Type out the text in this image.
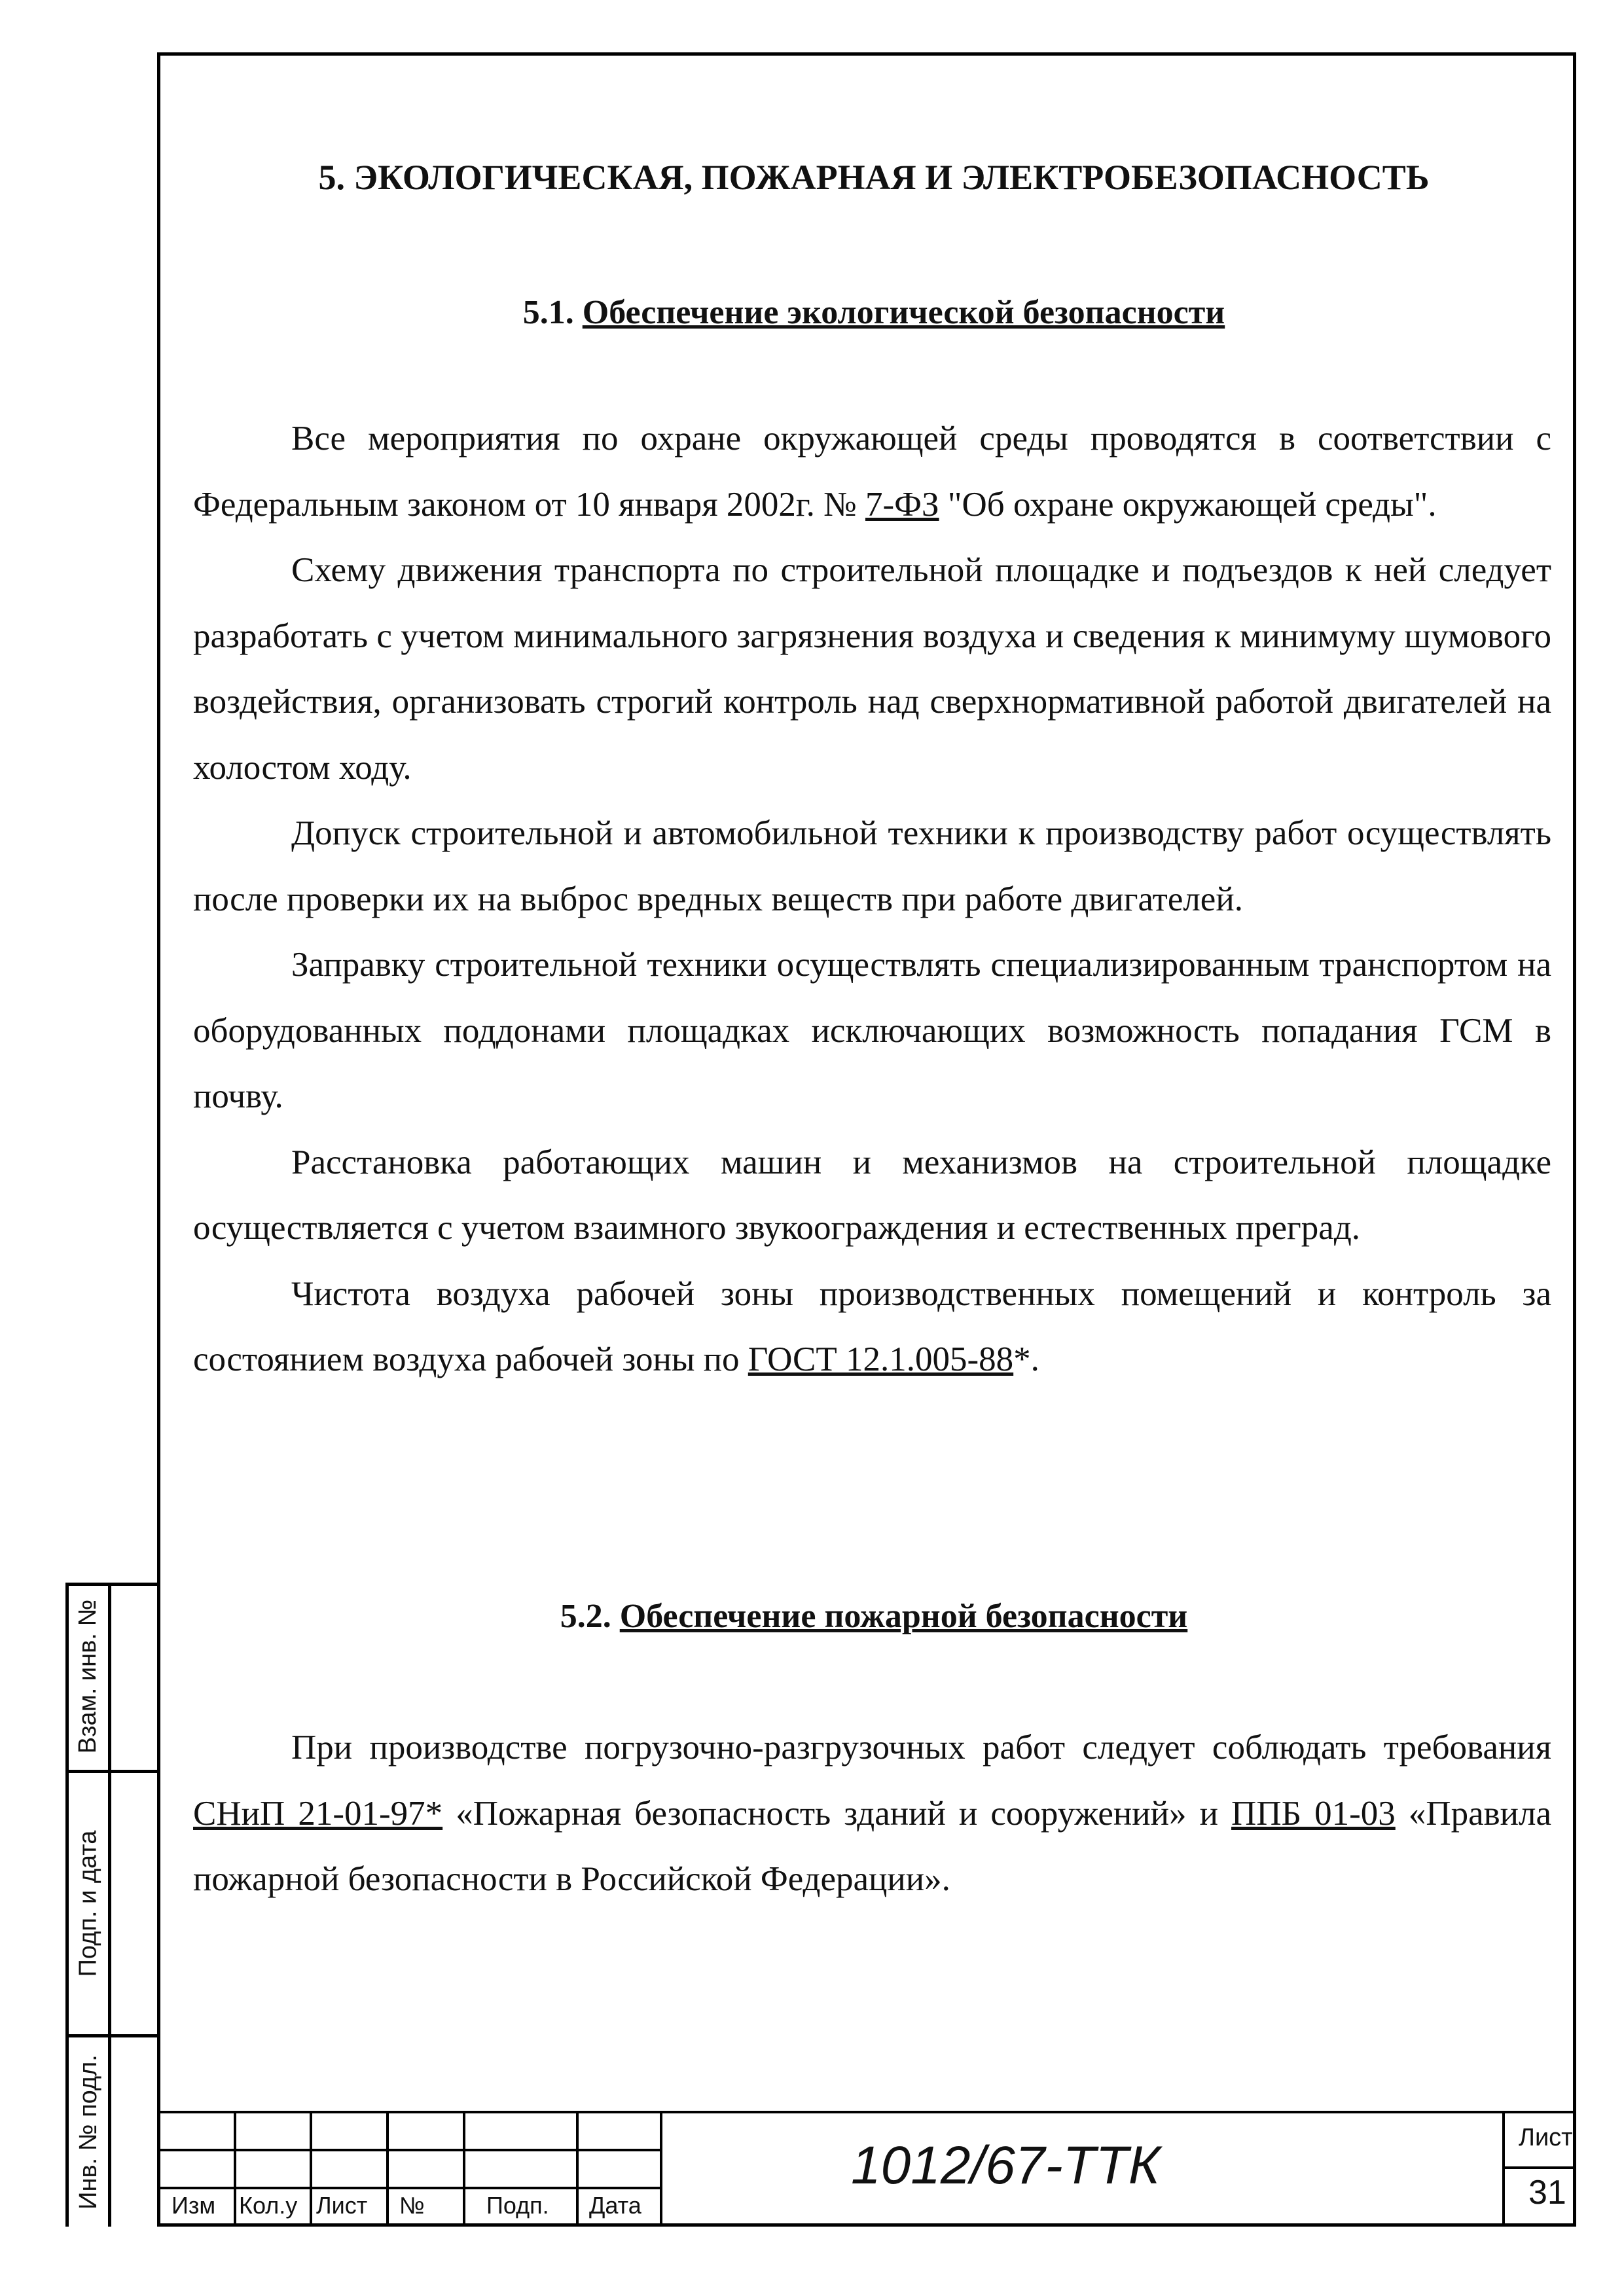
5. ЭКОЛОГИЧЕСКАЯ, ПОЖАРНАЯ И ЭЛЕКТРОБЕЗОПАСНОСТЬ
5.1. Обеспечение экологической безопасности

Все мероприятия по охране окружающей среды проводятся в соответствии с Федеральным законом от 10 января 2002г. № 7-ФЗ "Об охране окружающей среды".

Схему движения транспорта по строительной площадке и подъездов к ней следует разработать с учетом минимального загрязнения воздуха и сведения к минимуму шумового воздействия, организовать строгий контроль над сверхнормативной работой двигателей на холостом ходу.

Допуск строительной и автомобильной техники к производству работ осуществлять после проверки их на выброс вредных веществ при работе двигателей.

Заправку строительной техники осуществлять специализированным транспортом на оборудованных поддонами площадках исключающих возможность попадания ГСМ в почву.

Расстановка работающих машин и механизмов на строительной площадке осуществляется с учетом взаимного звукоограждения и естественных преград.

Чистота воздуха рабочей зоны производственных помещений и контроль за состоянием воздуха рабочей зоны по ГОСТ 12.1.005-88*.

5.2. Обеспечение пожарной безопасности

При производстве погрузочно-разгрузочных работ следует соблюдать требования СНиП 21-01-97* «Пожарная безопасность зданий и сооружений» и ППБ 01-03 «Правила пожарной безопасности в Российской Федерации».

Взам. инв. №
Подп. и дата
Инв. № подл.	Изм Кол.у Лист №	Подп. Дата
1012/67-ТТК	Лист
31
